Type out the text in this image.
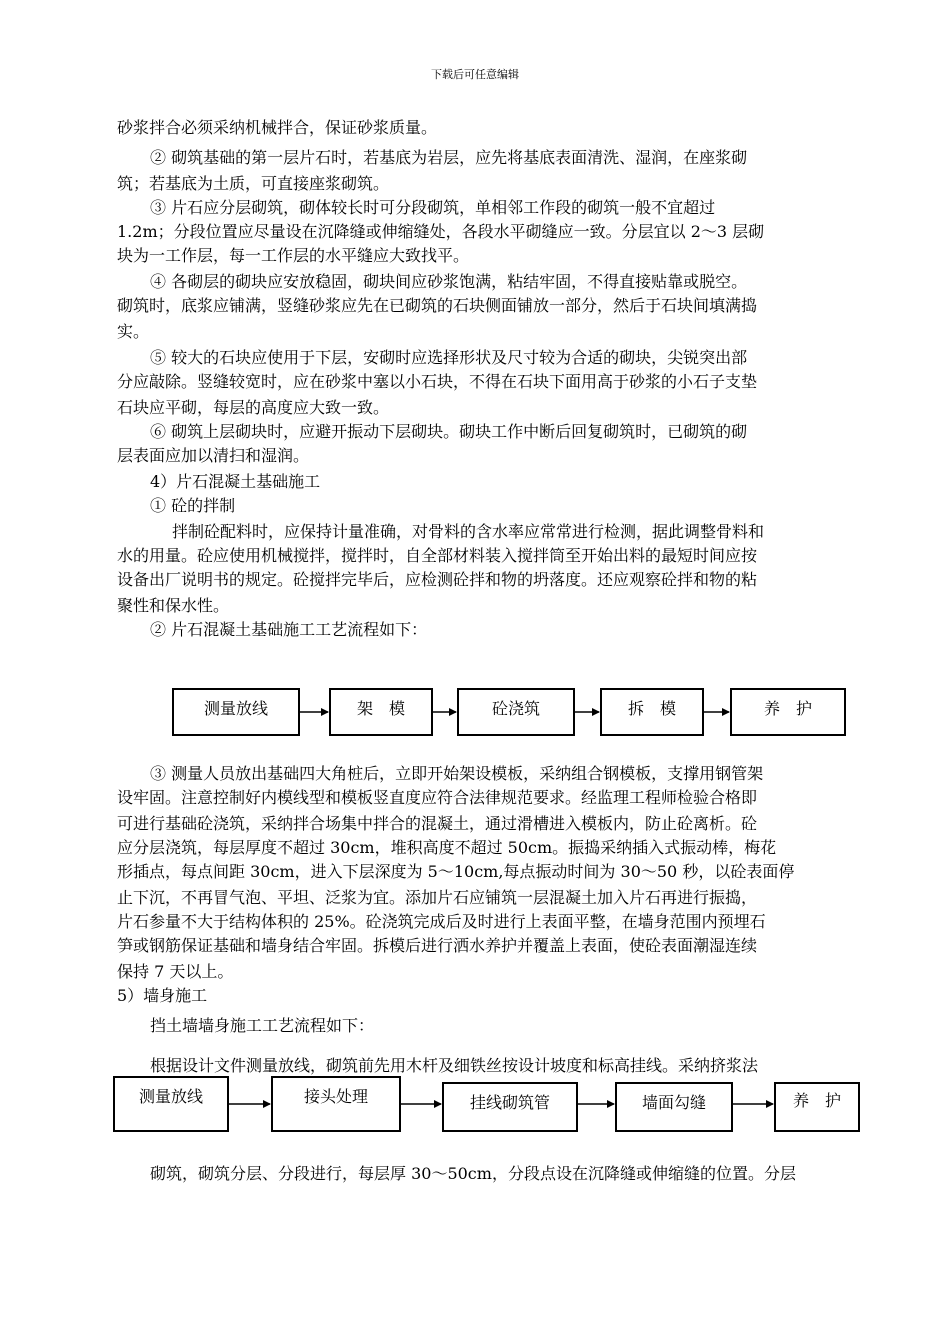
下载后可任意编辑
砂浆拌合必须采纳机械拌合，保证砂浆质量。
② 砌筑基础的第一层片石时，若基底为岩层，应先将基底表面清洗、湿润，在座浆砌
筑；若基底为土质，可直接座浆砌筑。
③ 片石应分层砌筑，砌体较长时可分段砌筑，单相邻工作段的砌筑一般不宜超过
1.2m；分段位置应尽量设在沉降缝或伸缩缝处，各段水平砌缝应一致。分层宜以 2～3 层砌
块为一工作层，每一工作层的水平缝应大致找平。
④ 各砌层的砌块应安放稳固，砌块间应砂浆饱满，粘结牢固，不得直接贴靠或脱空。
砌筑时，底浆应铺满，竖缝砂浆应先在已砌筑的石块侧面铺放一部分，然后于石块间填满捣
实。
⑤ 较大的石块应使用于下层，安砌时应选择形状及尺寸较为合适的砌块，尖锐突出部
分应敲除。竖缝较宽时，应在砂浆中塞以小石块，不得在石块下面用高于砂浆的小石子支垫
石块应平砌，每层的高度应大致一致。
⑥ 砌筑上层砌块时，应避开振动下层砌块。砌块工作中断后回复砌筑时，已砌筑的砌
层表面应加以清扫和湿润。
4）片石混凝土基础施工
① 砼的拌制
拌制砼配料时，应保持计量准确，对骨料的含水率应常常进行检测，据此调整骨料和
水的用量。砼应使用机械搅拌，搅拌时，自全部材料装入搅拌筒至开始出料的最短时间应按
设备出厂说明书的规定。砼搅拌完毕后，应检测砼拌和物的坍落度。还应观察砼拌和物的粘
聚性和保水性。
② 片石混凝土基础施工工艺流程如下：
③ 测量人员放出基础四大角桩后，立即开始架设模板，采纳组合钢模板，支撑用钢管架
设牢固。注意控制好内模线型和模板竖直度应符合法律规范要求。经监理工程师检验合格即
可进行基础砼浇筑，采纳拌合场集中拌合的混凝土，通过滑槽进入模板内，防止砼离析。砼
应分层浇筑，每层厚度不超过 30cm，堆积高度不超过 50cm。振捣采纳插入式振动棒，梅花
形插点，每点间距 30cm，进入下层深度为 5～10cm,每点振动时间为 30～50 秒，以砼表面停
止下沉，不再冒气泡、平坦、泛浆为宜。添加片石应铺筑一层混凝土加入片石再进行振捣，
片石参量不大于结构体积的 25%。砼浇筑完成后及时进行上表面平整，在墙身范围内预埋石
笋或钢筋保证基础和墙身结合牢固。拆模后进行洒水养护并覆盖上表面，使砼表面潮湿连续
保持 7 天以上。
5）墙身施工
挡土墙墙身施工工艺流程如下：
根据设计文件测量放线，砌筑前先用木杆及细铁丝按设计坡度和标高挂线。采纳挤浆法
砌筑，砌筑分层、分段进行，每层厚 30～50cm，分段点设在沉降缝或伸缩缝的位置。分层
测量放线	架　模	砼浇筑	拆　模	养　护
测量放线	接头处理	挂线砌筑管	墙面勾缝	养　护
